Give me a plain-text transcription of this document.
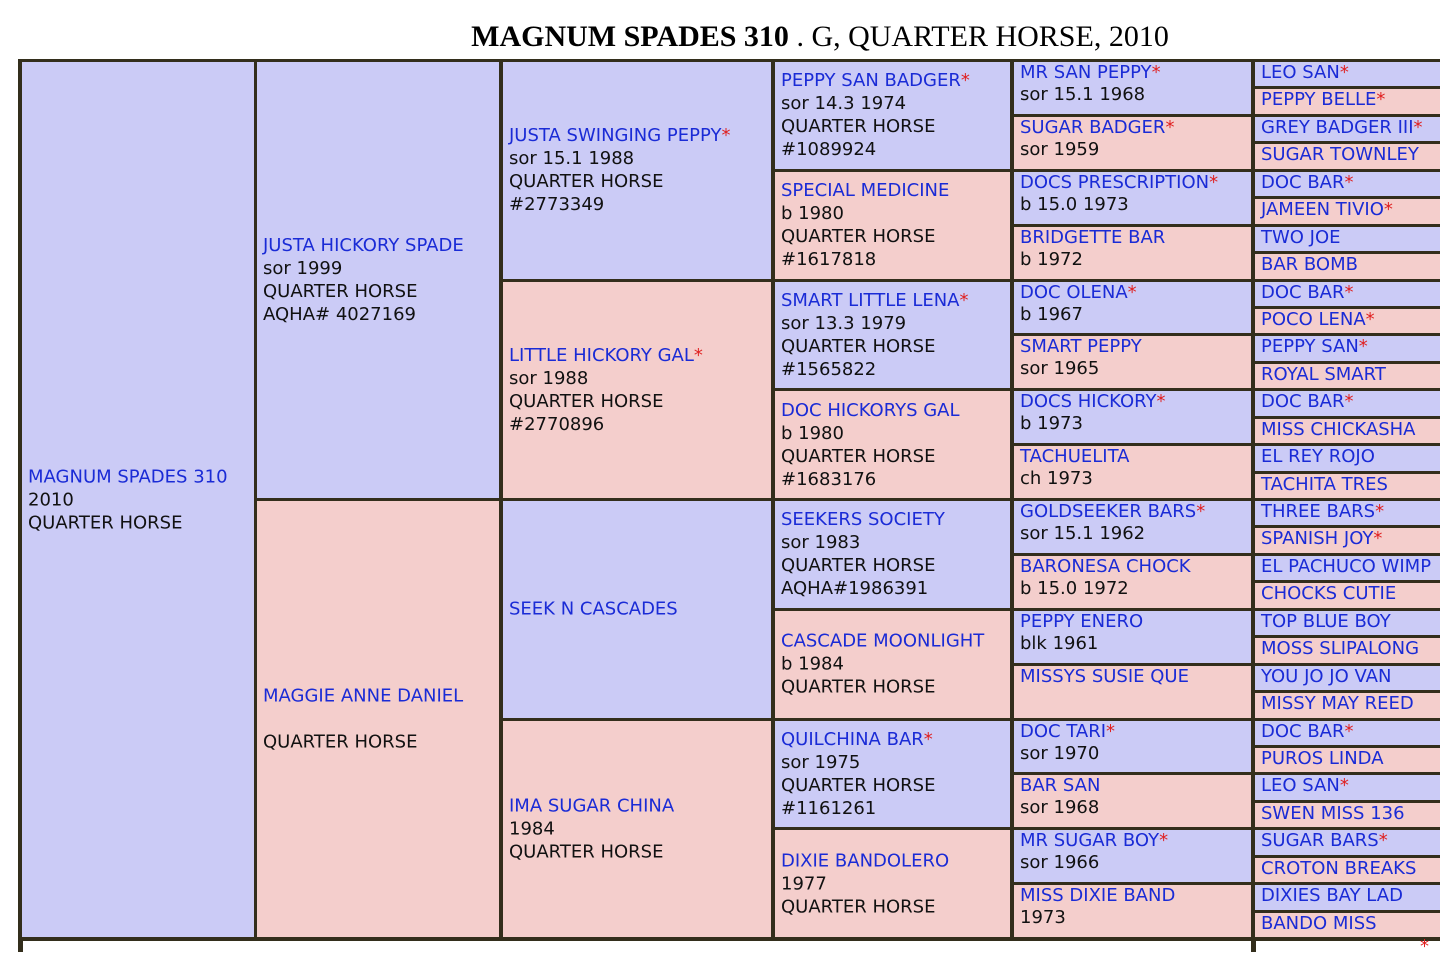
MAGNUM SPADES 310 . G, QUARTER HORSE, 2010
MAGNUM SPADES 310
2010
QUARTER HORSE
JUSTA HICKORY SPADE
sor 1999
QUARTER HORSE
AQHA# 4027169
MAGGIE ANNE DANIEL
QUARTER HORSE
JUSTA SWINGING PEPPY*
sor 15.1 1988
QUARTER HORSE
#2773349
LITTLE HICKORY GAL*
sor 1988
QUARTER HORSE
#2770896
SEEK N CASCADES
IMA SUGAR CHINA
1984
QUARTER HORSE
PEPPY SAN BADGER*
sor 14.3 1974
QUARTER HORSE
#1089924
SPECIAL MEDICINE
b 1980
QUARTER HORSE
#1617818
SMART LITTLE LENA*
sor 13.3 1979
QUARTER HORSE
#1565822
DOC HICKORYS GAL
b 1980
QUARTER HORSE
#1683176
SEEKERS SOCIETY
sor 1983
QUARTER HORSE
AQHA#1986391
CASCADE MOONLIGHT
b 1984
QUARTER HORSE
QUILCHINA BAR*
sor 1975
QUARTER HORSE
#1161261
DIXIE BANDOLERO
1977
QUARTER HORSE
MR SAN PEPPY*
sor 15.1 1968
SUGAR BADGER*
sor 1959
DOCS PRESCRIPTION*
b 15.0 1973
BRIDGETTE BAR
b 1972
DOC OLENA*
b 1967
SMART PEPPY
sor 1965
DOCS HICKORY*
b 1973
TACHUELITA
ch 1973
GOLDSEEKER BARS*
sor 15.1 1962
BARONESA CHOCK
b 15.0 1972
PEPPY ENERO
blk 1961
MISSYS SUSIE QUE
DOC TARI*
sor 1970
BAR SAN
sor 1968
MR SUGAR BOY*
sor 1966
MISS DIXIE BAND
1973
LEO SAN*
PEPPY BELLE*
GREY BADGER III*
SUGAR TOWNLEY
DOC BAR*
JAMEEN TIVIO*
TWO JOE
BAR BOMB
DOC BAR*
POCO LENA*
PEPPY SAN*
ROYAL SMART
DOC BAR*
MISS CHICKASHA
EL REY ROJO
TACHITA TRES
THREE BARS*
SPANISH JOY*
EL PACHUCO WIMP
CHOCKS CUTIE
TOP BLUE BOY
MOSS SLIPALONG
YOU JO JO VAN
MISSY MAY REED
DOC BAR*
PUROS LINDA
LEO SAN*
SWEN MISS 136
SUGAR BARS*
CROTON BREAKS
DIXIES BAY LAD
BANDO MISS
*
